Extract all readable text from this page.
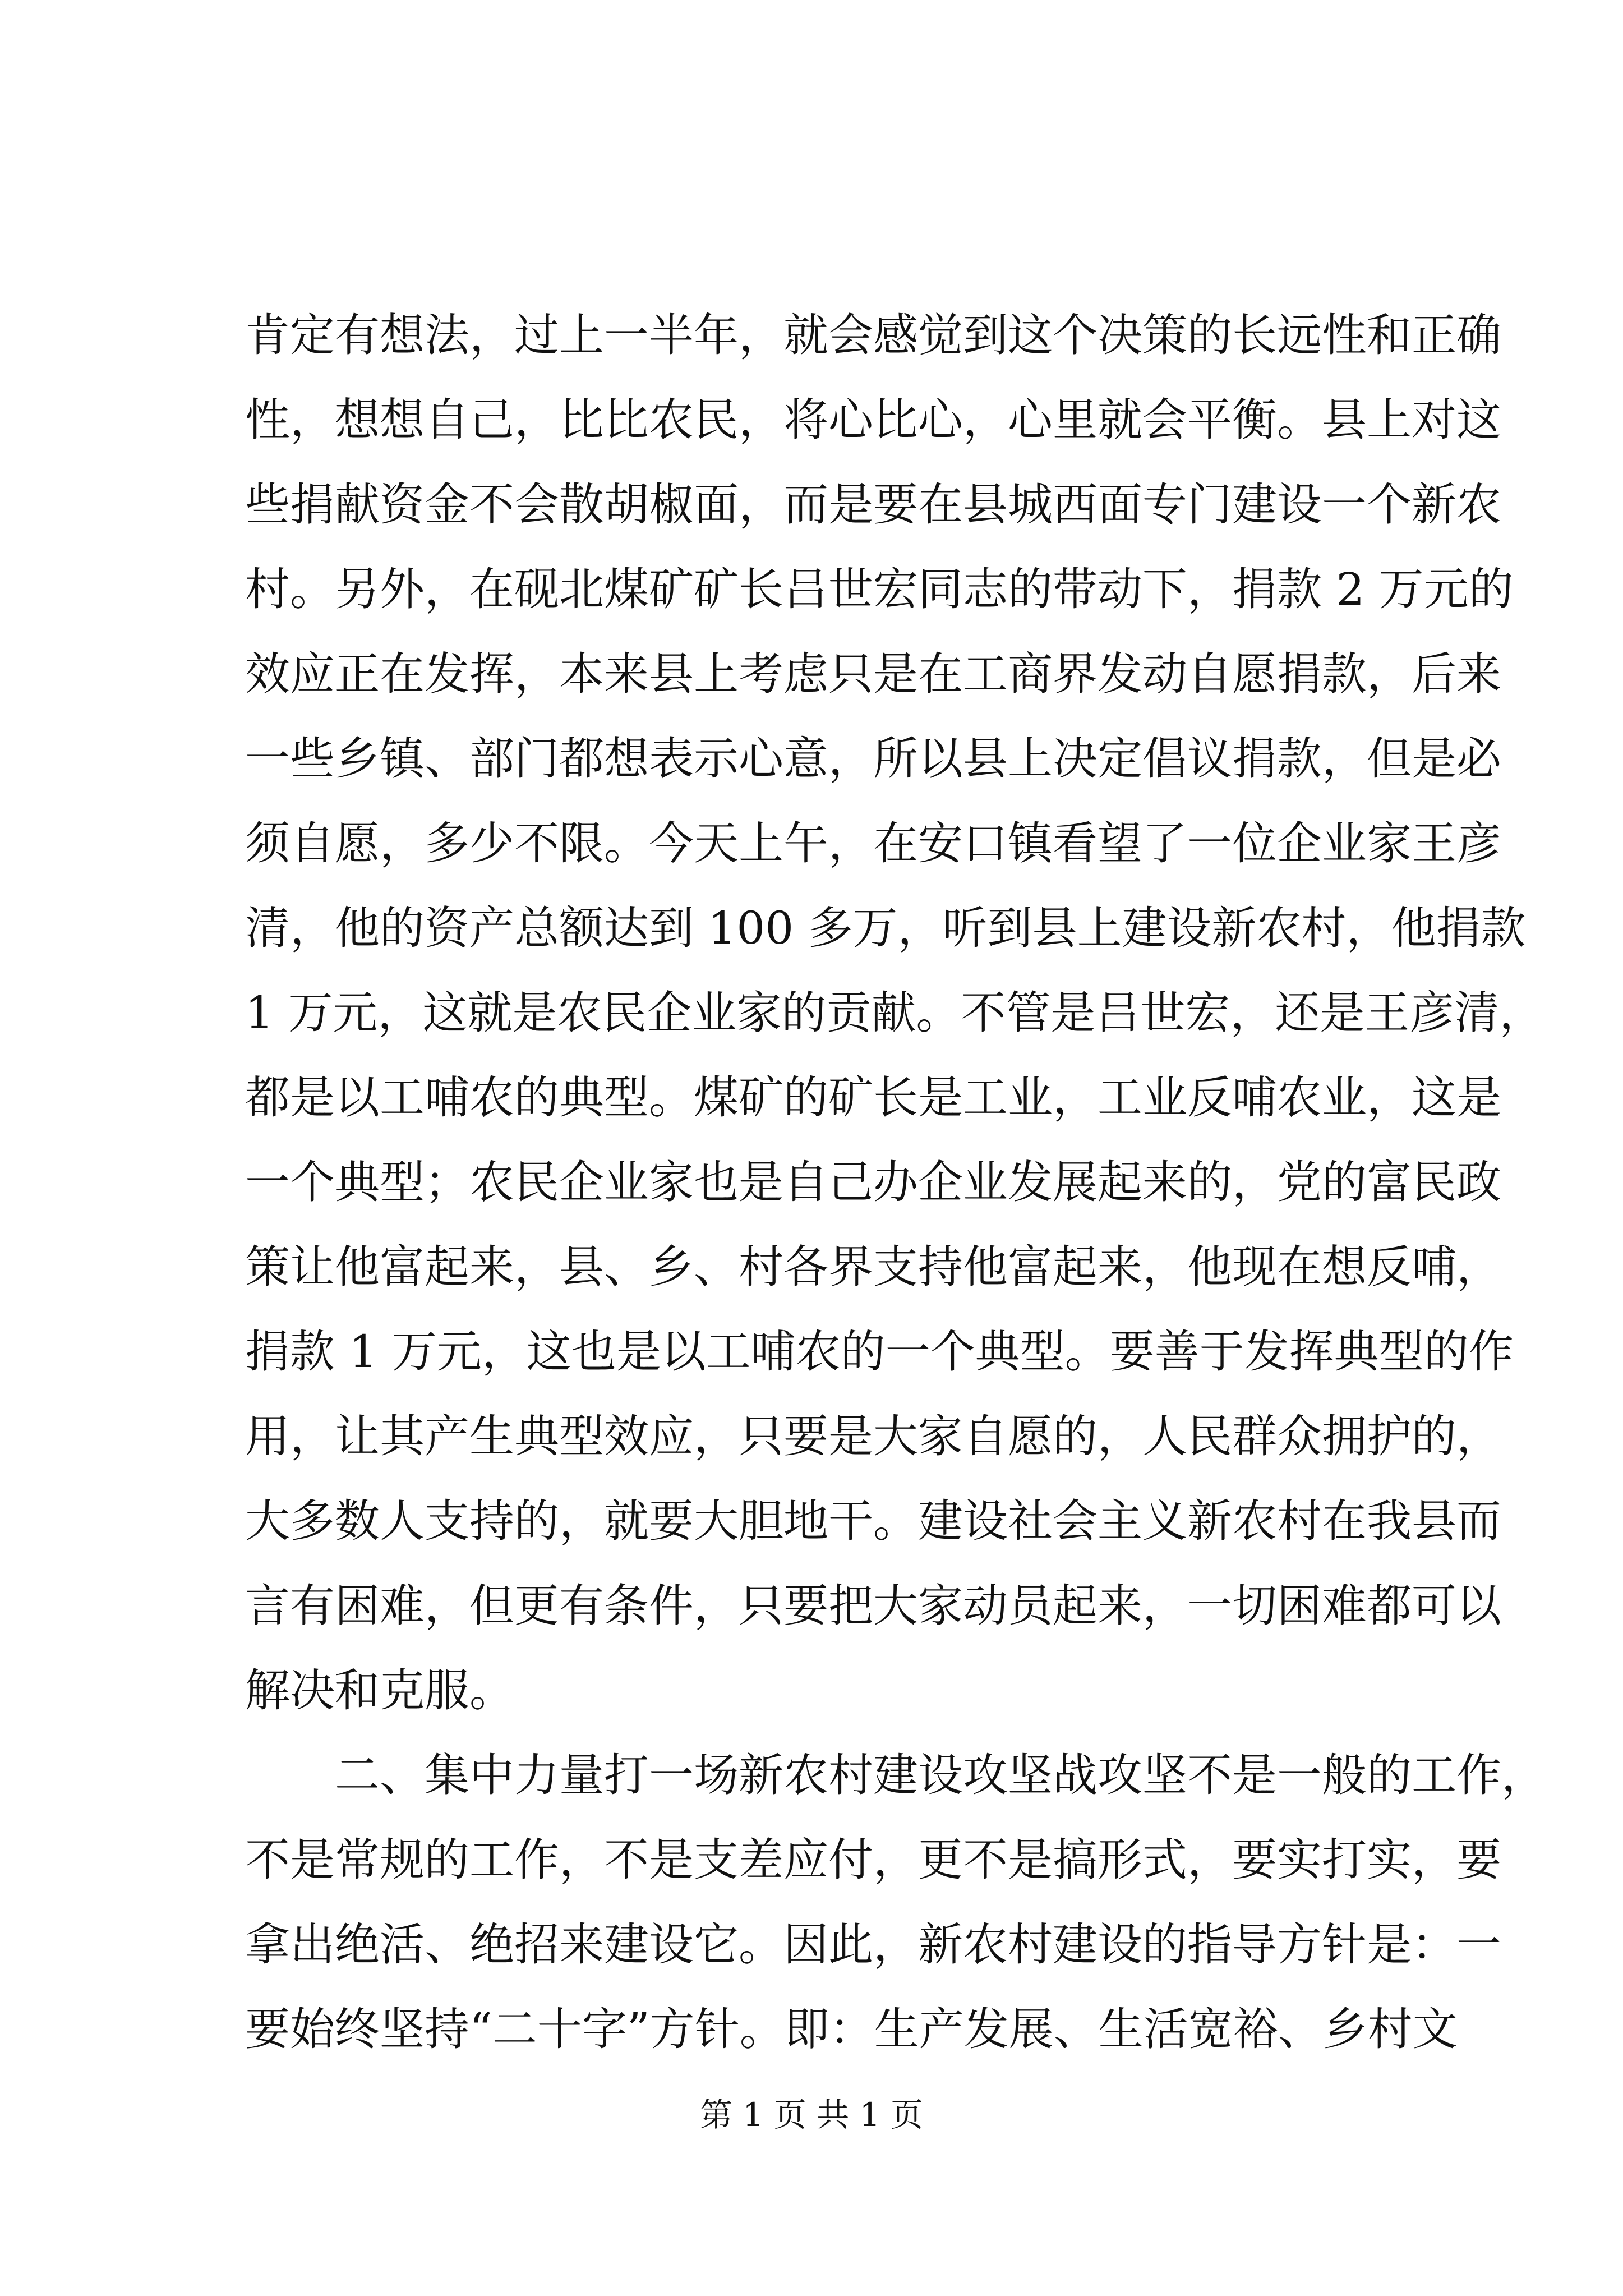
肯定有想法，过上一半年，就会感觉到这个决策的长远性和正确
性，想想自己，比比农民，将心比心，心里就会平衡。县上对这
些捐献资金不会散胡椒面，而是要在县城西面专门建设一个新农
村。另外，在砚北煤矿矿长吕世宏同志的带动下，捐款 2 万元的
效应正在发挥，本来县上考虑只是在工商界发动自愿捐款，后来
一些乡镇、部门都想表示心意，所以县上决定倡议捐款，但是必
须自愿，多少不限。今天上午，在安口镇看望了一位企业家王彦
清，他的资产总额达到 100 多万，听到县上建设新农村，他捐款
1 万元，这就是农民企业家的贡献。不管是吕世宏，还是王彦清，
都是以工哺农的典型。煤矿的矿长是工业，工业反哺农业，这是
一个典型；农民企业家也是自己办企业发展起来的，党的富民政
策让他富起来，县、乡、村各界支持他富起来，他现在想反哺，
捐款 1 万元，这也是以工哺农的一个典型。要善于发挥典型的作
用，让其产生典型效应，只要是大家自愿的，人民群众拥护的，
大多数人支持的，就要大胆地干。建设社会主义新农村在我县而
言有困难，但更有条件，只要把大家动员起来，一切困难都可以
解决和克服。
　　二、集中力量打一场新农村建设攻坚战攻坚不是一般的工作，
不是常规的工作，不是支差应付，更不是搞形式，要实打实，要
拿出绝活、绝招来建设它。因此，新农村建设的指导方针是：一
要始终坚持“二十字”方针。即：生产发展、生活宽裕、乡村文
第 1 页 共 1 页
